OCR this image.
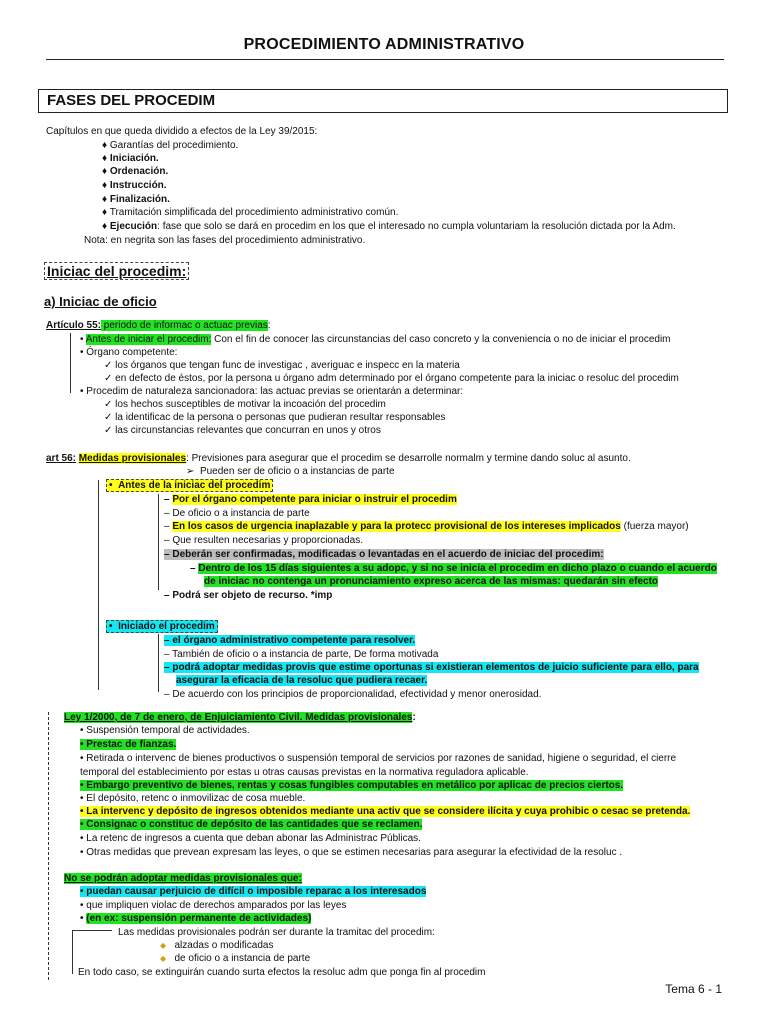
PROCEDIMIENTO ADMINISTRATIVO
FASES DEL PROCEDIM
Capítulos en que queda dividido a efectos de la Ley 39/2015:
♦ Garantías del procedimiento.
♦ Iniciación.
♦ Ordenación.
♦ Instrucción.
♦ Finalización.
♦ Tramitación simplificada del procedimiento administrativo común.
♦ Ejecución: fase que solo se dará en procedim en los que el interesado no cumpla voluntariam la resolución dictada por la Adm.
Nota: en negrita son las fases del procedimiento administrativo.
Iniciac del procedim:
a) Iniciac de oficio
Artículo 55: periodo de informac o actuac previas:
• Antes de iniciar el procedim: Con el fin de conocer las circunstancias del caso concreto y la conveniencia o no de iniciar el procedim
• Órgano competente:
✓ los órganos que tengan func de investigac , averiguac e inspecc en la materia
✓ en defecto de éstos, por la persona u órgano adm determinado por el órgano competente para la iniciac o resoluc del procedim
• Procedim de naturaleza sancionadora: las actuac previas se orientarán a determinar:
✓ los hechos susceptibles de motivar la incoación del procedim
✓ la identificac de la persona o personas que pudieran resultar responsables
✓ las circunstancias relevantes que concurran en unos y otros
art 56: Medidas provisionales: Previsiones para asegurar que el procedim se desarrolle normalm y termine dando soluc al asunto.
➢  Pueden ser de oficio o a instancias de parte
•  Antes de la iniciac del procedim
– Por el órgano competente para iniciar o instruir el procedim
– De oficio o a instancia de parte
– En los casos de urgencia inaplazable y para la protecc provisional de los intereses implicados (fuerza mayor)
– Que resulten necesarias y proporcionadas.
– Deberán ser confirmadas, modificadas o levantadas en el acuerdo de iniciac del procedim:
– Dentro de los 15 días siguientes a su adopc, y si no se inicia el procedim en dicho plazo o cuando el acuerdo
de iniciac no contenga un pronunciamiento expreso acerca de las mismas: quedarán sin efecto
– Podrá ser objeto de recurso. *imp
•  Iniciado el procedim
– el órgano administrativo competente para resolver.
– También de oficio o a instancia de parte, De forma motivada
– podrá adoptar medidas provis que estime oportunas si existieran elementos de juicio suficiente para ello, para
asegurar la eficacia de la resoluc que pudiera recaer.
– De acuerdo con los principios de proporcionalidad, efectividad y menor onerosidad.
Ley 1/2000, de 7 de enero, de Enjuiciamiento Civil. Medidas provisionales:
• Suspensión temporal de actividades.
• Prestac de fianzas.
• Retirada o intervenc de bienes productivos o suspensión temporal de servicios por razones de sanidad, higiene o seguridad, el cierre
temporal del establecimiento por estas u otras causas previstas en la normativa reguladora aplicable.
• Embargo preventivo de bienes, rentas y cosas fungibles computables en metálico por aplicac de precios ciertos.
• El depósito, retenc o inmovilizac de cosa mueble.
• La intervenc y depósito de ingresos obtenidos mediante una activ que se considere ilícita y cuya prohibic o cesac se pretenda.
• Consignac o constituc de depósito de las cantidades que se reclamen.
• La retenc de ingresos a cuenta que deban abonar las Administrac Públicas.
• Otras medidas que prevean expresam las leyes, o que se estimen necesarias para asegurar la efectividad de la resoluc .
No se podrán adoptar medidas provisionales que:
• puedan causar perjuicio de difícil o imposible reparac a los interesados
• que impliquen violac de derechos amparados por las leyes
• (en ex: suspensión permanente de actividades)
Las medidas provisionales podrán ser durante la tramitac del procedim:
◆ alzadas o modificadas
◆ de oficio o a instancia de parte
En todo caso, se extinguirán cuando surta efectos la resoluc adm que ponga fin al procedim
Tema 6 - 1
